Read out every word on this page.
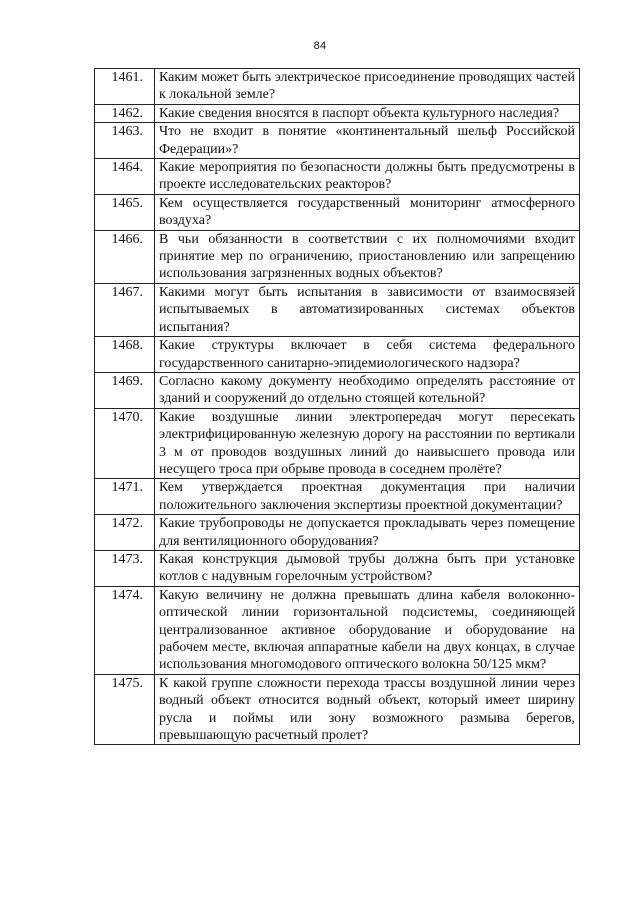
84
1461.	Каким может быть электрическое присоединение проводящих частей к локальной земле?
1462.	Какие сведения вносятся в паспорт объекта культурного наследия?
1463.	Что не входит в понятие «континентальный шельф Российской Федерации»?
1464.	Какие мероприятия по безопасности должны быть предусмотрены в проекте исследовательских реакторов?
1465.	Кем осуществляется государственный мониторинг атмосферного воздуха?
1466.	В чьи обязанности в соответствии с их полномочиями входит принятие мер по ограничению, приостановлению или запрещению использования загрязненных водных объектов?
1467.	Какими могут быть испытания в зависимости от взаимосвязей испытываемых в автоматизированных системах объектов испытания?
1468.	Какие структуры включает в себя система федерального государственного санитарно-эпидемиологического надзора?
1469.	Согласно какому документу необходимо определять расстояние от зданий и сооружений до отдельно стоящей котельной?
1470.	Какие воздушные линии электропередач могут пересекать электрифицированную железную дорогу на расстоянии по вертикали 3 м от проводов воздушных линий до наивысшего провода или несущего троса при обрыве провода в соседнем пролёте?
1471.	Кем утверждается проектная документация при наличии положительного заключения экспертизы проектной документации?
1472.	Какие трубопроводы не допускается прокладывать через помещение для вентиляционного оборудования?
1473.	Какая конструкция дымовой трубы должна быть при установке котлов с надувным горелочным устройством?
1474.	Какую величину не должна превышать длина кабеля волоконно-оптической линии горизонтальной подсистемы, соединяющей централизованное активное оборудование и оборудование на рабочем месте, включая аппаратные кабели на двух концах, в случае использования многомодового оптического волокна 50/125 мкм?
1475.	К какой группе сложности перехода трассы воздушной линии через водный объект относится водный объект, который имеет ширину русла и поймы или зону возможного размыва берегов, превышающую расчетный пролет?
